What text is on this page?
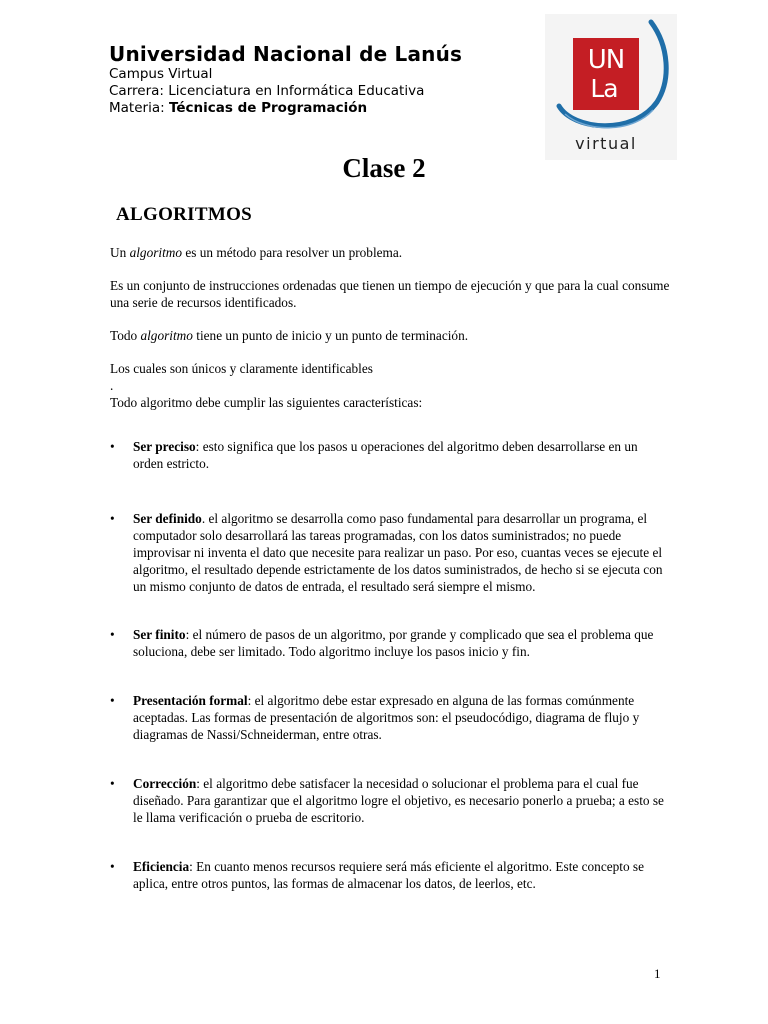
Universidad Nacional de Lanús
Campus Virtual
Carrera: Licenciatura en Informática Educativa
Materia: Técnicas de Programación
UN
La
virtual
Clase 2
ALGORITMOS

Un algoritmo es un método para resolver un problema.

Es un conjunto de instrucciones ordenadas que tienen un tiempo de ejecución y que para la cual consume una serie de recursos identificados.

Todo algoritmo tiene un punto de inicio y un punto de terminación.

Los cuales son únicos y claramente identificables

.

Todo algoritmo debe cumplir las siguientes características:

• Ser preciso: esto significa que los pasos u operaciones del algoritmo deben desarrollarse en un orden estricto.
• Ser definido. el algoritmo se desarrolla como paso fundamental para desarrollar un programa, el computador solo desarrollará las tareas programadas, con los datos suministrados; no puede improvisar ni inventa el dato que necesite para realizar un paso. Por eso, cuantas veces se ejecute el algoritmo, el resultado depende estrictamente de los datos suministrados, de hecho si se ejecuta con un mismo conjunto de datos de entrada, el resultado será siempre el mismo.
• Ser finito: el número de pasos de un algoritmo, por grande y complicado que sea el problema que soluciona, debe ser limitado. Todo algoritmo incluye los pasos inicio y fin.
• Presentación formal: el algoritmo debe estar expresado en alguna de las formas comúnmente aceptadas. Las formas de presentación de algoritmos son: el pseudocódigo, diagrama de flujo y diagramas de Nassi/Schneiderman, entre otras.
• Corrección: el algoritmo debe satisfacer la necesidad o solucionar el problema para el cual fue diseñado. Para garantizar que el algoritmo logre el objetivo, es necesario ponerlo a prueba; a esto se le llama verificación o prueba de escritorio.
• Eficiencia: En cuanto menos recursos requiere será más eficiente el algoritmo. Este concepto se aplica, entre otros puntos, las formas de almacenar los datos, de leerlos, etc.
1
